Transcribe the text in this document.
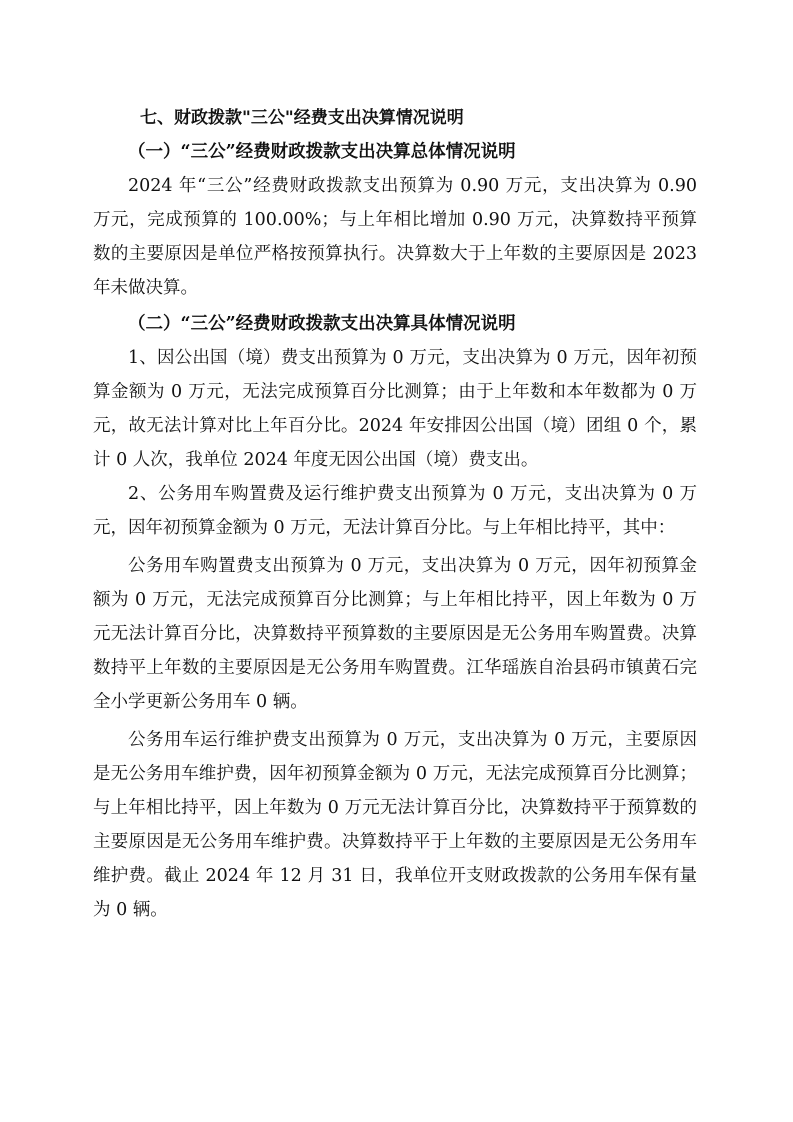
七、财政拨款"三公"经费支出决算情况说明
（一）“三公”经费财政拨款支出决算总体情况说明

2024 年“三公”经费财政拨款支出预算为 0.90 万元，支出决算为 0.90 万元，完成预算的 100.00%；与上年相比增加 0.90 万元，决算数持平预算数的主要原因是单位严格按预算执行。决算数大于上年数的主要原因是 2023 年未做决算。

（二）“三公”经费财政拨款支出决算具体情况说明

1、因公出国（境）费支出预算为 0 万元，支出决算为 0 万元，因年初预算金额为 0 万元，无法完成预算百分比测算；由于上年数和本年数都为 0 万元，故无法计算对比上年百分比。2024 年安排因公出国（境）团组 0 个，累计 0 人次，我单位 2024 年度无因公出国（境）费支出。

2、公务用车购置费及运行维护费支出预算为 0 万元，支出决算为 0 万元，因年初预算金额为 0 万元，无法计算百分比。与上年相比持平，其中：

公务用车购置费支出预算为 0 万元，支出决算为 0 万元，因年初预算金额为 0 万元，无法完成预算百分比测算；与上年相比持平，因上年数为 0 万元无法计算百分比，决算数持平预算数的主要原因是无公务用车购置费。决算数持平上年数的主要原因是无公务用车购置费。江华瑶族自治县码市镇黄石完全小学更新公务用车 0 辆。

公务用车运行维护费支出预算为 0 万元，支出决算为 0 万元，主要原因是无公务用车维护费，因年初预算金额为 0 万元，无法完成预算百分比测算；与上年相比持平，因上年数为 0 万元无法计算百分比，决算数持平于预算数的主要原因是无公务用车维护费。决算数持平于上年数的主要原因是无公务用车维护费。截止 2024 年 12 月 31 日，我单位开支财政拨款的公务用车保有量为 0 辆。
